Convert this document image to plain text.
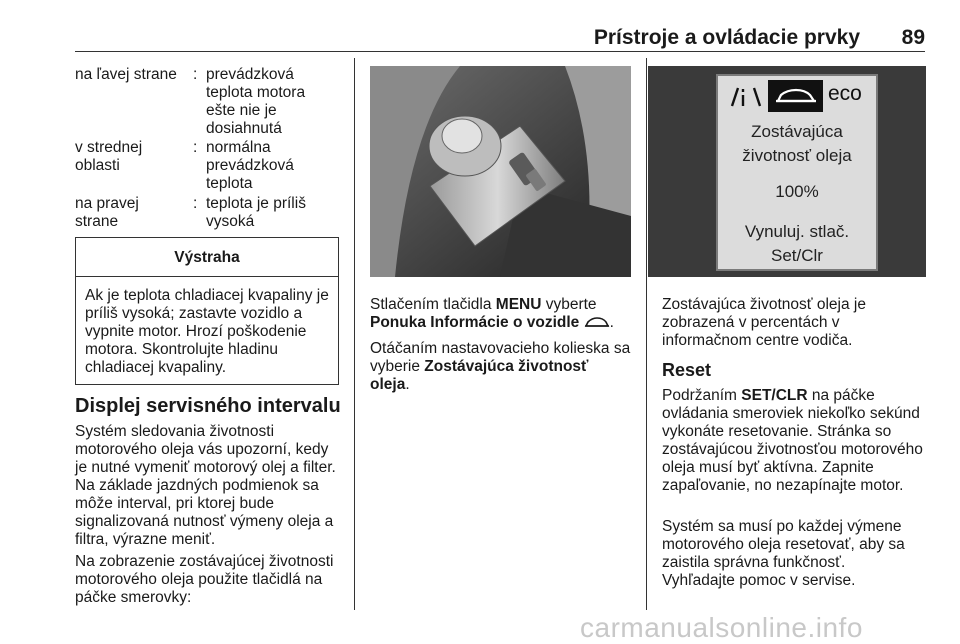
Prístroje a ovládacie prvky 89
na ľavej strane	: prevádzková teplota motora ešte nie je dosiahnutá
v strednej oblasti
: normálna prevádzková teplota
na pravej strane
: teplota je príliš vysoká
Výstraha
Ak je teplota chladiacej kvapaliny je príliš vysoká; zastavte vozidlo a vypnite motor. Hrozí poškodenie motora. Skontrolujte hladinu chladiacej kvapaliny.
Displej servisného intervalu

Systém sledovania životnosti motorového oleja vás upozorní, kedy je nutné vymeniť motorový olej a filter. Na základe jazdných podmienok sa môže interval, pri ktorej bude signalizovaná nutnosť výmeny oleja a filtra, výrazne meniť.

Na zobrazenie zostávajúcej životnosti motorového oleja použite tlačidlá na páčke smerovky:

Stlačením tlačidla MENU vyberte Ponuka Informácie o vozidle .

Otáčaním nastavovacieho kolieska sa vyberie Zostávajúca životnosť oleja.

eco
Zostávajúca
životnosť oleja
100%
Vynuluj. stlač.
Set/Clr

Zostávajúca životnosť oleja je zobrazená v percentách v informačnom centre vodiča.

Reset

Podržaním SET/CLR na páčke ovládania smeroviek niekoľko sekúnd vykonáte resetovanie. Stránka so zostávajúcou životnosťou motorového oleja musí byť aktívna. Zapnite zapaľovanie, no nezapínajte motor.

Systém sa musí po každej výmene motorového oleja resetovať, aby sa zaistila správna funkčnosť.

Vyhľadajte pomoc v servise.

carmanualsonline.info
